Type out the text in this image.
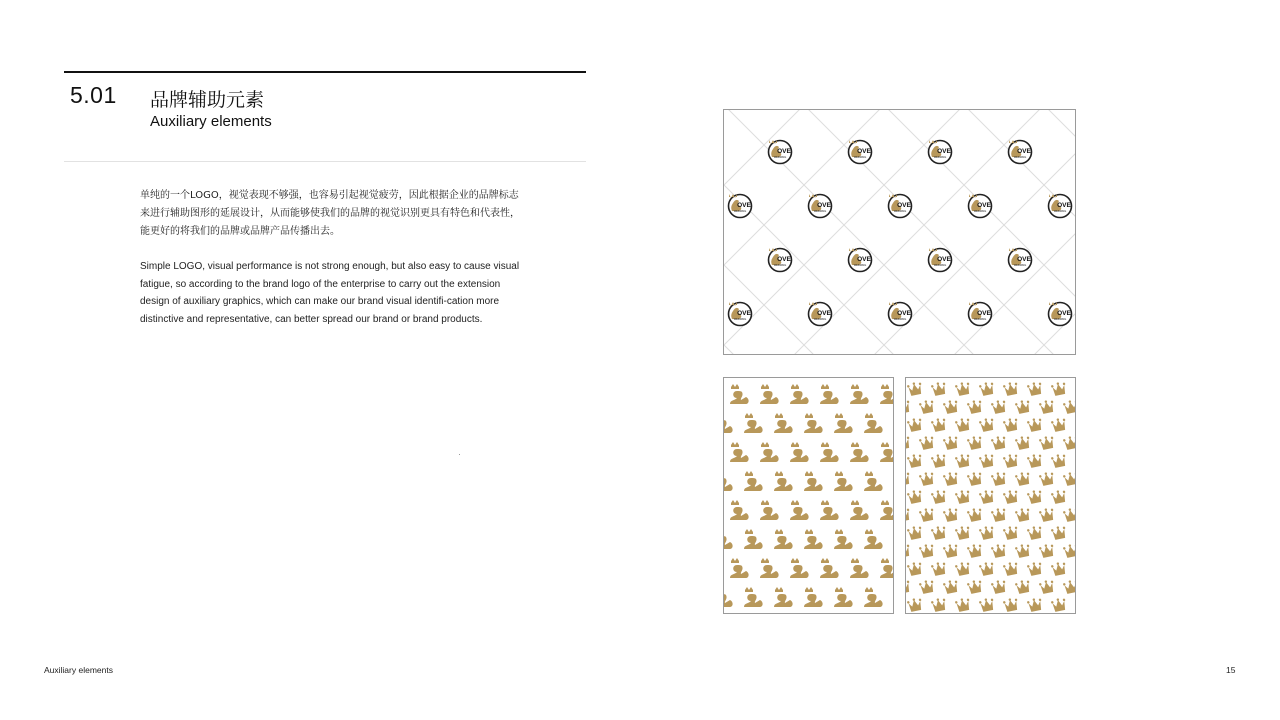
5.01 品牌辅助元素
Auxiliary elements
单纯的一个LOGO，视觉表现不够强，也容易引起视觉疲劳，因此根据企业的品牌标志来进行辅助图形的延展设计，从而能够使我们的品牌的视觉识别更具有特色和代表性，能更好的将我们的品牌或品牌产品传播出去。
Simple LOGO, visual performance is not strong enough, but also easy to cause visual fatigue, so according to the brand logo of the enterprise to carry out the extension design of auxiliary graphics, which can make our brand visual identifi-cation more distinctive and representative, can better spread our brand or brand products.
OVE
WEDDING
OVE
WEDDING
OVE
WEDDING
OVE
WEDDING
OVE
WEDDING
OVE
WEDDING
OVE
WEDDING
OVE
WEDDING
OVE
WEDDING
OVE
WEDDING
OVE
WEDDING
OVE
WEDDING
OVE
WEDDING
OVE
WEDDING
OVE
WEDDING
OVE
WEDDING
OVE
WEDDING
OVE
WEDDING
Auxiliary elements	15
